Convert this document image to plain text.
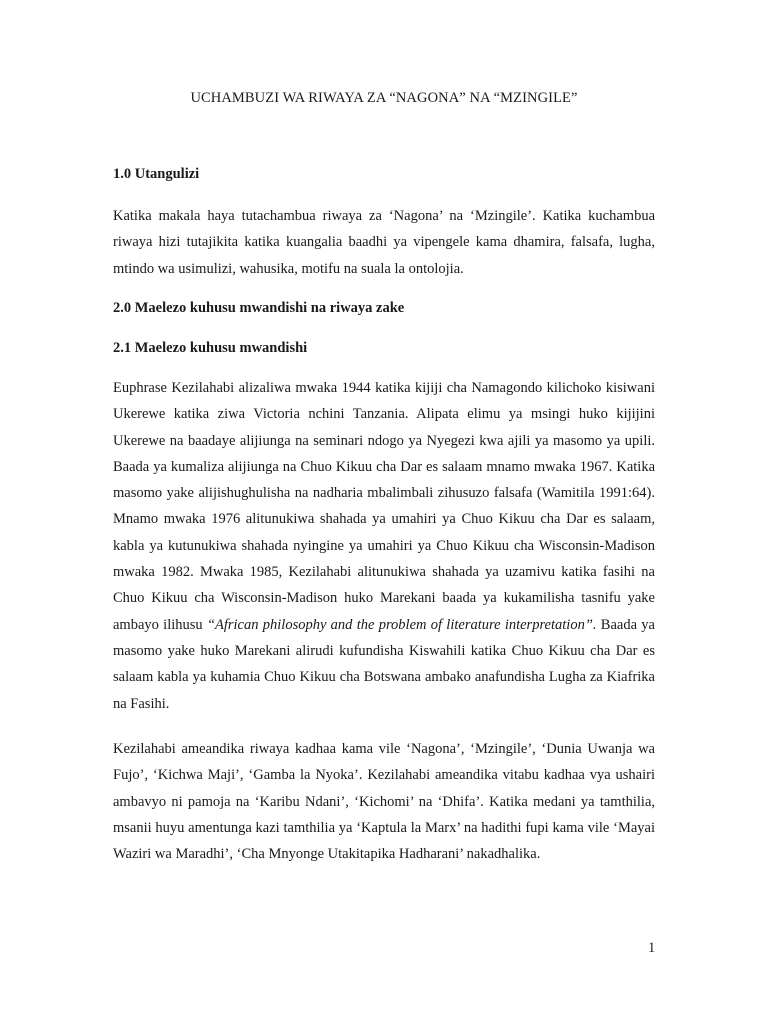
UCHAMBUZI WA RIWAYA ZA “NAGONA” NA “MZINGILE”
1.0 Utangulizi

Katika makala haya tutachambua riwaya za ‘Nagona’ na ‘Mzingile’. Katika kuchambua riwaya hizi tutajikita katika kuangalia baadhi ya vipengele kama dhamira, falsafa, lugha, mtindo wa usimulizi, wahusika, motifu na suala la ontolojia.

2.0 Maelezo kuhusu mwandishi na riwaya zake
2.1 Maelezo kuhusu mwandishi

Euphrase Kezilahabi alizaliwa mwaka 1944 katika kijiji cha Namagondo kilichoko kisiwani Ukerewe katika ziwa Victoria nchini Tanzania. Alipata elimu ya msingi huko kijijini Ukerewe na baadaye alijiunga na seminari ndogo ya Nyegezi kwa ajili ya masomo ya upili. Baada ya kumaliza alijiunga na Chuo Kikuu cha Dar es salaam mnamo mwaka 1967. Katika masomo yake alijishughulisha na nadharia mbalimbali zihusuzo falsafa (Wamitila 1991:64). Mnamo mwaka 1976 alitunukiwa shahada ya umahiri ya Chuo Kikuu cha Dar es salaam, kabla ya kutunukiwa shahada nyingine ya umahiri ya Chuo Kikuu cha Wisconsin-Madison mwaka 1982. Mwaka 1985, Kezilahabi alitunukiwa shahada ya uzamivu katika fasihi na Chuo Kikuu cha Wisconsin-Madison huko Marekani baada ya kukamilisha tasnifu yake ambayo ilihusu “African philosophy and the problem of literature interpretation”. Baada ya masomo yake huko Marekani alirudi kufundisha Kiswahili katika Chuo Kikuu cha Dar es salaam kabla ya kuhamia Chuo Kikuu cha Botswana ambako anafundisha Lugha za Kiafrika na Fasihi.

Kezilahabi ameandika riwaya kadhaa kama vile ‘Nagona’, ‘Mzingile’, ‘Dunia Uwanja wa Fujo’, ‘Kichwa Maji’, ‘Gamba la Nyoka’. Kezilahabi ameandika vitabu kadhaa vya ushairi ambavyo ni pamoja na ‘Karibu Ndani’, ‘Kichomi’ na ‘Dhifa’. Katika medani ya tamthilia, msanii huyu amentunga kazi tamthilia ya ‘Kaptula la Marx’ na hadithi fupi kama vile ‘Mayai Waziri wa Maradhi’, ‘Cha Mnyonge Utakitapika Hadharani’ nakadhalika.

1
